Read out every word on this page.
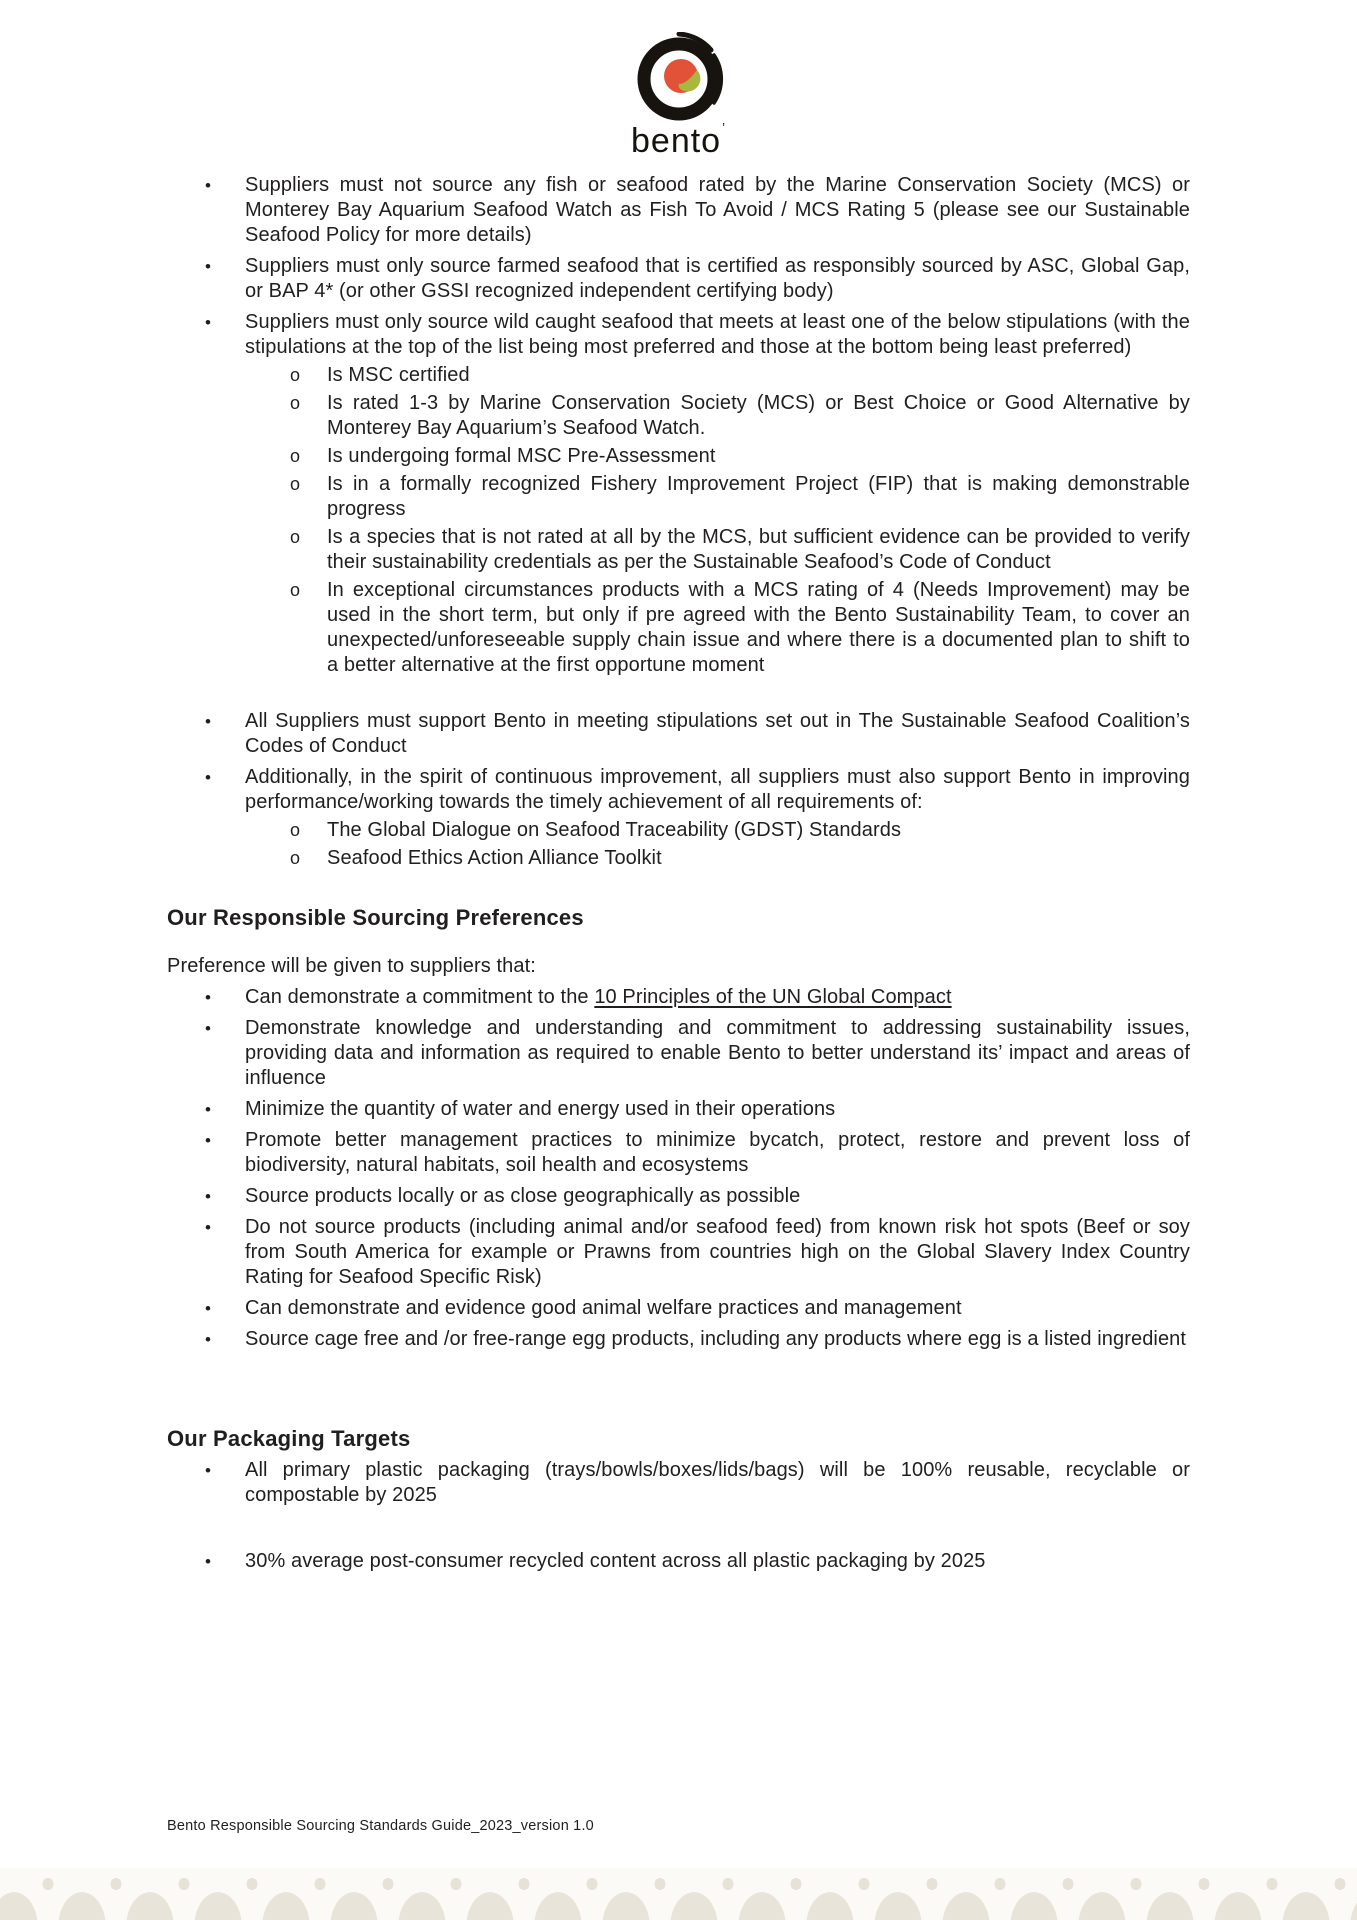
bento’
•	Suppliers must not source any fish or seafood rated by the Marine Conservation Society (MCS) or Monterey Bay Aquarium Seafood Watch as Fish To Avoid / MCS Rating 5 (please see our Sustainable Seafood Policy for more details)
•	Suppliers must only source farmed seafood that is certified as responsibly sourced by ASC, Global Gap, or BAP 4* (or other GSSI recognized independent certifying body)
•	Suppliers must only source wild caught seafood that meets at least one of the below stipulations (with the stipulations at the top of the list being most preferred and those at the bottom being least preferred)
o	Is MSC certified
o	Is rated 1-3 by Marine Conservation Society (MCS) or Best Choice or Good Alternative by Monterey Bay Aquarium’s Seafood Watch.
o	Is undergoing formal MSC Pre-Assessment
o	Is in a formally recognized Fishery Improvement Project (FIP) that is making demonstrable progress
o	Is a species that is not rated at all by the MCS, but sufficient evidence can be provided to verify their sustainability credentials as per the Sustainable Seafood’s Code of Conduct
o	In exceptional circumstances products with a MCS rating of 4 (Needs Improvement) may be used in the short term, but only if pre agreed with the Bento Sustainability Team, to cover an unexpected/unforeseeable supply chain issue and where there is a documented plan to shift to a better alternative at the first opportune moment
•	All Suppliers must support Bento in meeting stipulations set out in The Sustainable Seafood Coalition’s Codes of Conduct
•	Additionally, in the spirit of continuous improvement, all suppliers must also support Bento in improving performance/working towards the timely achievement of all requirements of:
o	The Global Dialogue on Seafood Traceability (GDST) Standards
o	Seafood Ethics Action Alliance Toolkit
Our Responsible Sourcing Preferences
Preference will be given to suppliers that:
•	Can demonstrate a commitment to the 10 Principles of the UN Global Compact
•	Demonstrate knowledge and understanding and commitment to addressing sustainability issues, providing data and information as required to enable Bento to better understand its’ impact and areas of influence
•	Minimize the quantity of water and energy used in their operations
•	Promote better management practices to minimize bycatch, protect, restore and prevent loss of biodiversity, natural habitats, soil health and ecosystems
•	Source products locally or as close geographically as possible
•	Do not source products (including animal and/or seafood feed) from known risk hot spots (Beef or soy from South America for example or Prawns from countries high on the Global Slavery Index Country Rating for Seafood Specific Risk)
•	Can demonstrate and evidence good animal welfare practices and management
•	Source cage free and /or free-range egg products, including any products where egg is a listed ingredient
Our Packaging Targets
•	All primary plastic packaging (trays/bowls/boxes/lids/bags) will be 100% reusable, recyclable or compostable by 2025
•	30% average post-consumer recycled content across all plastic packaging by 2025
Bento Responsible Sourcing Standards Guide_2023_version 1.0
